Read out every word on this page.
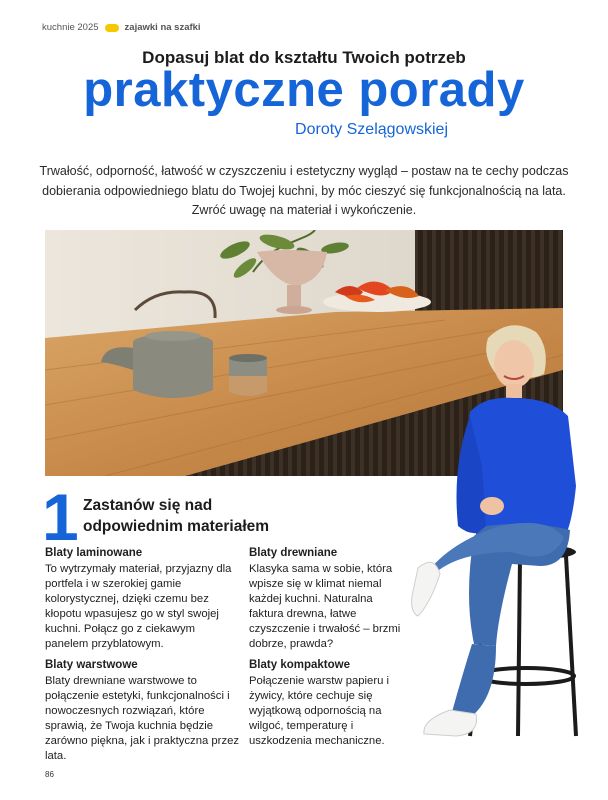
kuchnie 2025	zajawki na szafki
Dopasuj blat do kształtu Twoich potrzeb
praktyczne porady
Doroty Szelągowskiej
Trwałość, odporność, łatwość w czyszczeniu i estetyczny wygląd – postaw na te cechy podczas dobierania odpowiedniego blatu do Twojej kuchni, by móc cieszyć się funkcjonalnością na lata. Zwróć uwagę na materiał i wykończenie.
1 Zastanów się nad
odpowiednim materiałem
Blaty laminowane

To wytrzymały materiał, przyjazny dla portfela i w szerokiej gamie kolorystycznej, dzięki czemu bez kłopotu wpasujesz go w styl swojej kuchni. Połącz go z ciekawym panelem przyblatowym.

Blaty warstwowe

Blaty drewniane warstwowe to połączenie estetyki, funkcjonalności i nowoczesnych rozwiązań, które sprawią, że Twoja kuchnia będzie zarówno piękna, jak i praktyczna przez lata.

Blaty drewniane

Klasyka sama w sobie, która wpisze się w klimat niemal każdej kuchni. Naturalna faktura drewna, łatwe czyszczenie i trwałość – brzmi dobrze, prawda?

Blaty kompaktowe

Połączenie warstw papieru i żywicy, które cechuje się wyjątkową odpornością na wilgoć, temperaturę i uszkodzenia mechaniczne.

86
